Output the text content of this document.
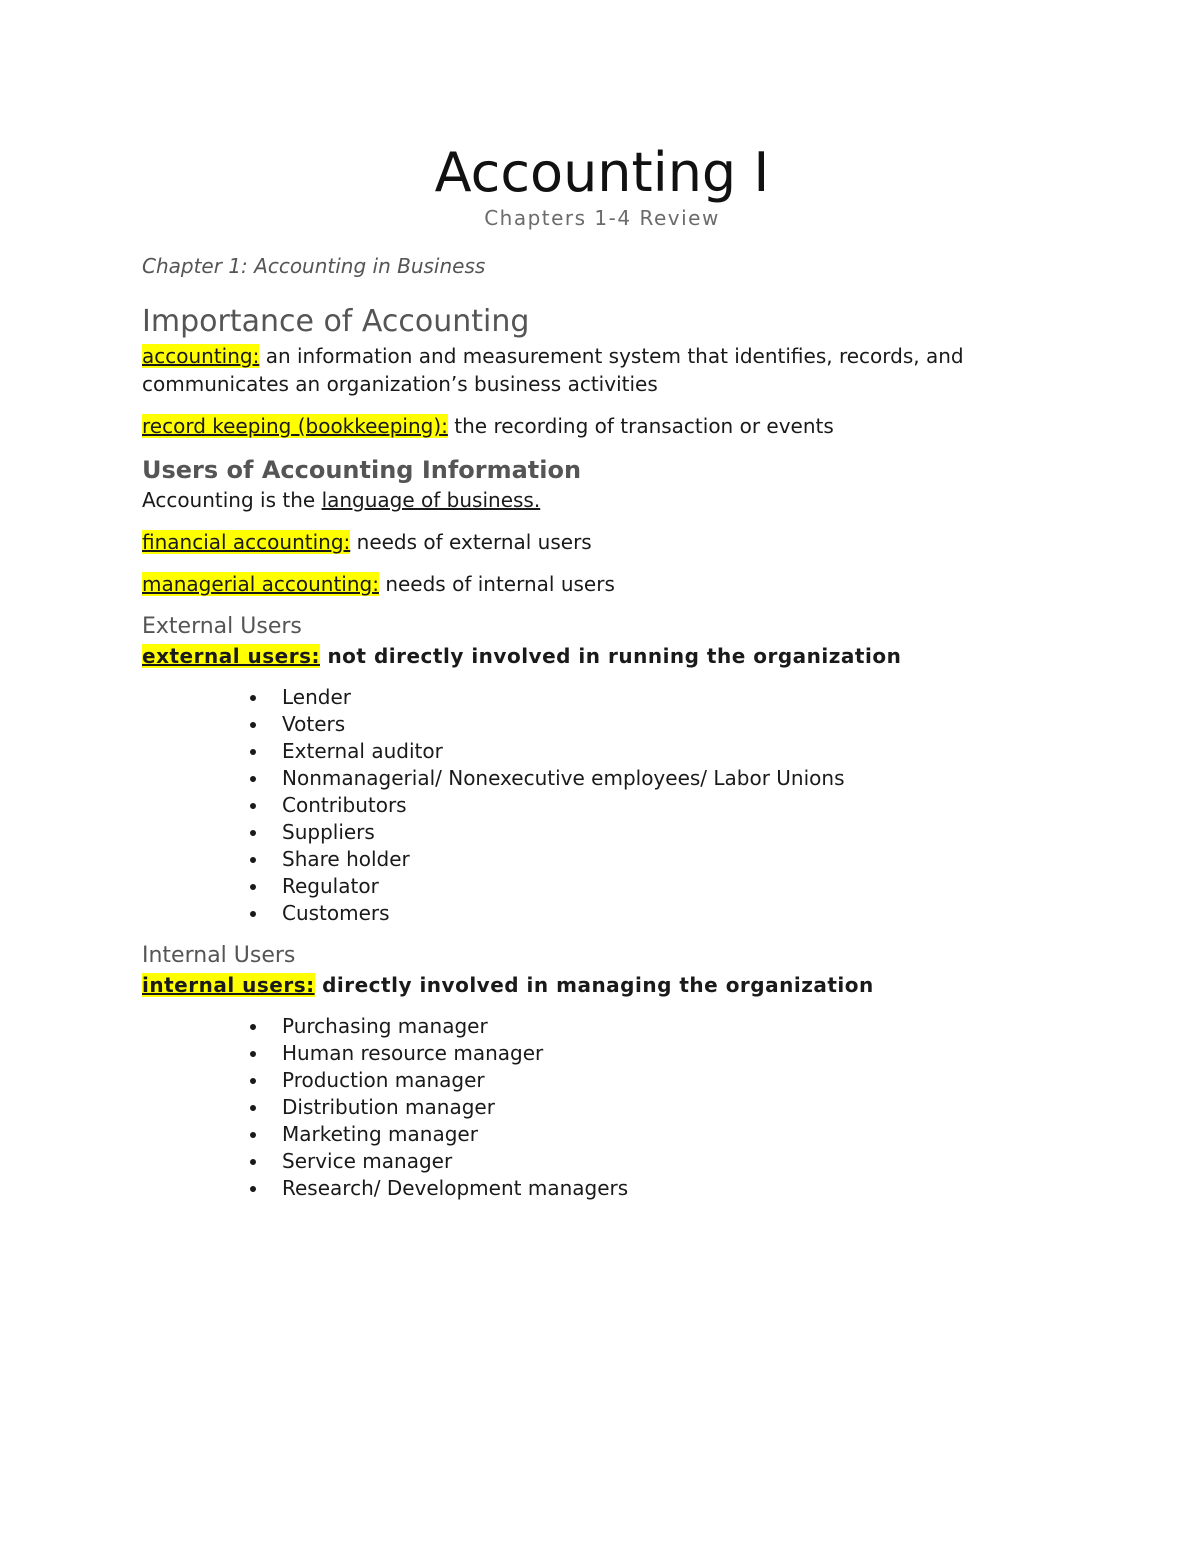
Accounting I

Chapters 1-4 Review

Chapter 1: Accounting in Business
Importance of Accounting
accounting: an information and measurement system that identifies, records, and communicates an organization’s business activities
record keeping (bookkeeping): the recording of transaction or events
Users of Accounting Information
Accounting is the language of business.
financial accounting: needs of external users
managerial accounting: needs of internal users
External Users
external users: not directly involved in running the organization
Lender
Voters
External auditor
Nonmanagerial/ Nonexecutive employees/ Labor Unions
Contributors
Suppliers
Share holder
Regulator
Customers
Internal Users
internal users: directly involved in managing the organization
Purchasing manager
Human resource manager
Production manager
Distribution manager
Marketing manager
Service manager
Research/ Development managers
